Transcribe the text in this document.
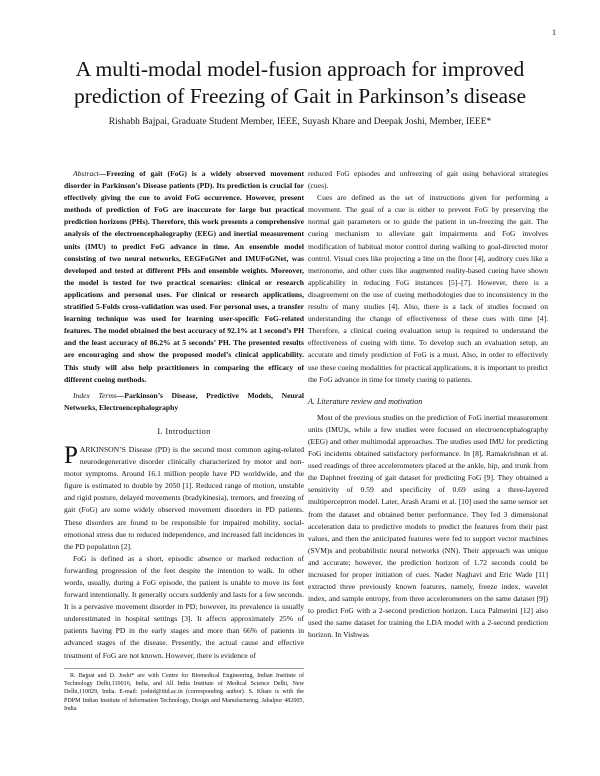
1
A multi-modal model-fusion approach for improved
prediction of Freezing of Gait in Parkinson’s disease
Rishabh Bajpai, Graduate Student Member, IEEE, Suyash Khare and Deepak Joshi, Member, IEEE*

Abstract—Freezing of gait (FoG) is a widely observed movement disorder in Parkinson’s Disease patients (PD). Its prediction is crucial for effectively giving the cue to avoid FoG occurrence. However, present methods of prediction of FoG are inaccurate for large but practical prediction horizons (PHs). Therefore, this work presents a comprehensive analysis of the electroencephalography (EEG) and inertial measurement units (IMU) to predict FoG advance in time. An ensemble model consisting of two neural networks, EEGFoGNet and IMUFoGNet, was developed and tested at different PHs and ensemble weights. Moreover, the model is tested for two practical scenarios: clinical or research applications and personal uses. For clinical or research applications, stratified 5-Folds cross-validation was used. For personal uses, a transfer learning technique was used for learning user-specific FoG-related features. The model obtained the best accuracy of 92.1% at 1 second’s PH and the least accuracy of 86.2% at 5 seconds’ PH. The presented results are encouraging and show the proposed model’s clinical applicability. This study will also help practitioners in comparing the efficacy of different cueing methods.

Index Terms—Parkinson’s Disease, Predictive Models, Neural Networks, Electroencephalography

I. Introduction

PARKINSON’S Disease (PD) is the second most common aging-related neurodegenerative disorder clinically characterized by motor and non-motor symptoms. Around 16.1 million people have PD worldwide, and the figure is estimated to double by 2050 [1]. Reduced range of motion, unstable and rigid posture, delayed movements (bradykinesia), tremors, and freezing of gait (FoG) are some widely observed movement disorders in PD patients. These disorders are found to be responsible for impaired mobility, social-emotional stress due to reduced independence, and increased fall incidences in the PD population [2].

FoG is defined as a short, episodic absence or marked reduction of forwarding progression of the feet despite the intention to walk. In other words, usually, during a FoG episode, the patient is unable to move its feet forward intentionally. It generally occurs suddenly and lasts for a few seconds. It is a pervasive movement disorder in PD; however, its prevalence is usually underestimated in hospital settings [3]. It affects approximately 25% of patients having PD in the early stages and more than 66% of patients in advanced stages of the disease. Presently, the actual cause and effective treatment of FoG are not known. However, there is evidence of

R. Bajpai and D. Joshi* are with Centre for Biomedical Engineering, Indian Institute of Technology Delhi,110016, India, and All India Institute of Medical Science Delhi, New Delhi,110029, India. E-mail: joshid@iitd.ac.in (corresponding author). S. Khare is with the PDPM Indian Institute of Information Technology, Design and Manufacturing, Jabalpur 482005, India

reduced FoG episodes and unfreezing of gait using behavioral strategies (cues).

Cues are defined as the set of instructions given for performing a movement. The goal of a cue is either to prevent FoG by preserving the normal gait parameters or to guide the patient in un-freezing the gait. The cueing mechanism to alleviate gait impairments and FoG involves modification of habitual motor control during walking to goal-directed motor control. Visual cues like projecting a line on the floor [4], auditory cues like a metronome, and other cues like augmented reality-based cueing have shown applicability in reducing FoG instances [5]–[7]. However, there is a disagreement on the use of cueing methodologies due to inconsistency in the results of many studies [4]. Also, there is a lack of studies focused on understanding the change of effectiveness of these cues with time [4]. Therefore, a clinical cueing evaluation setup is required to understand the effectiveness of cueing with time. To develop such an evaluation setup, an accurate and timely prediction of FoG is a must. Also, in order to effectively use these cueing modalities for practical applications, it is important to predict the FoG advance in time for timely cueing to patients.

A. Literature review and motivation

Most of the previous studies on the prediction of FoG inertial measurement units (IMU)s, while a few studies were focused on electroencephalography (EEG) and other multimodal approaches. The studies used IMU for predicting FoG incidents obtained satisfactory performance. In [8], Ramakrishnan et al. used readings of three accelerometers placed at the ankle, hip, and trunk from the Daphnet freezing of gait dataset for predicting FoG [9]. They obtained a sensitivity of 0.59 and specificity of 0.69 using a three-layered multiperceptron model. Later, Arash Arami et al. [10] used the same sensor set from the dataset and obtained better performance. They fed 3 dimensional acceleration data to predictive models to predict the features from their past values, and then the anticipated features were fed to support vector machines (SVM)s and probabilistic neural networks (NN). Their approach was unique and accurate; however, the prediction horizon of 1.72 seconds could be increased for proper initiation of cues. Nader Naghavi and Eric Wade [11] extracted three previously known features, namely, freeze index, wavelet index, and sample entropy, from three accelerometers on the same dataset [9]) to predict FoG with a 2-second prediction horizon. Luca Palmerini [12] also used the same dataset for training the LDA model with a 2-second prediction horizon. In Vishwas
